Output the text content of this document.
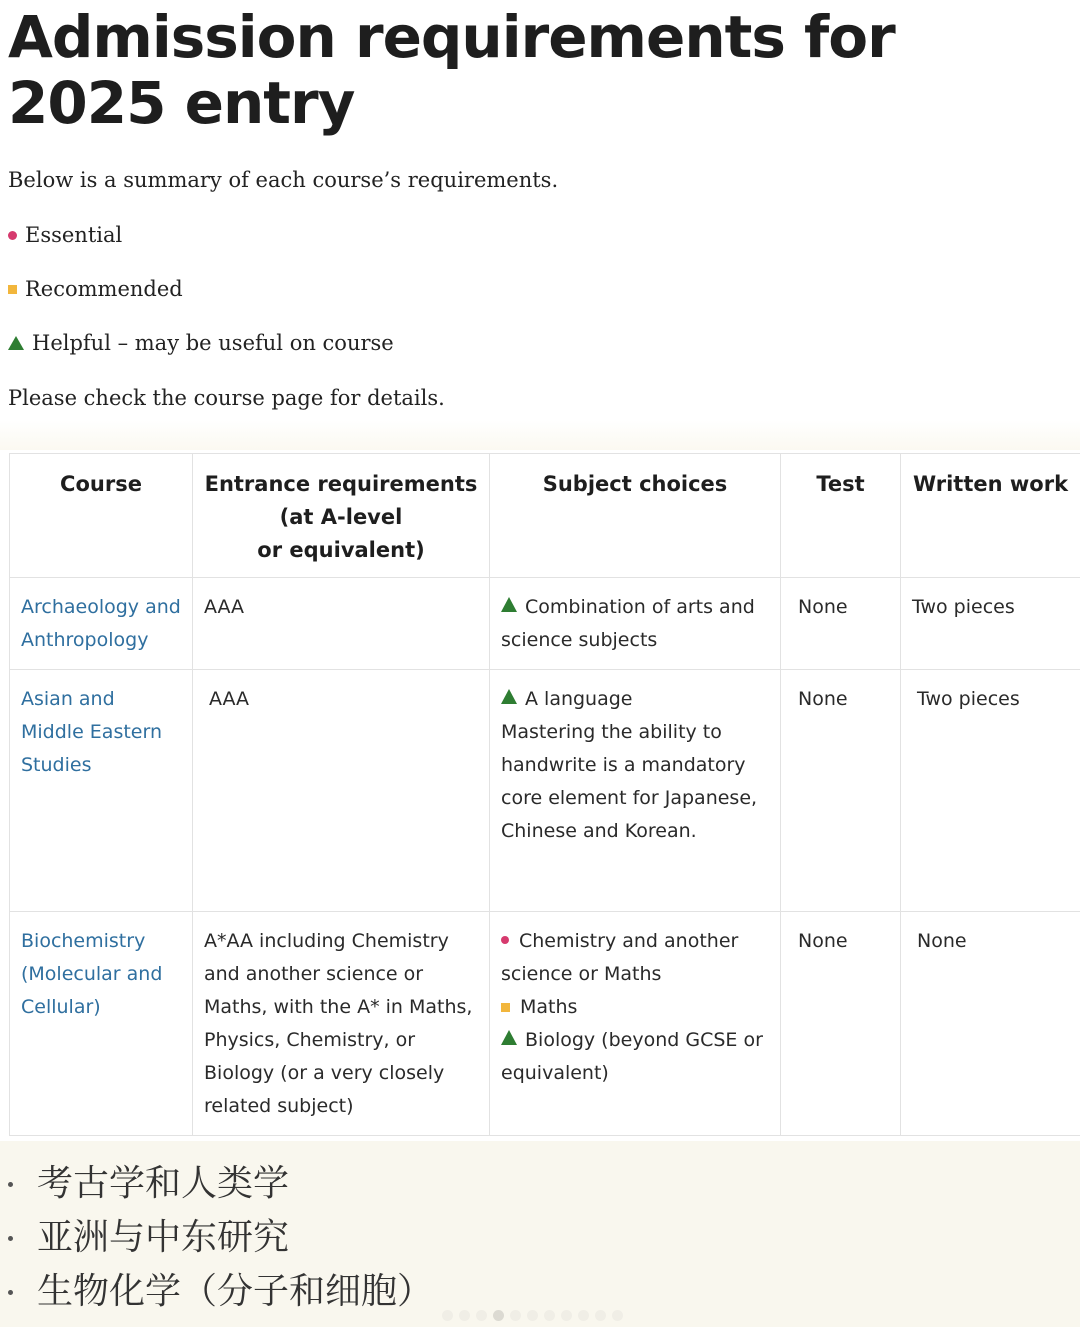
Admission requirements for 2025 entry

Below is a summary of each course’s requirements.

Essential
Recommended
Helpful – may be useful on course

Please check the course page for details.

Course	Entrance requirements
(at A-level
or equivalent)	Subject choices	Test	Written work
Archaeology and Anthropology	AAA	Combination of arts and science subjects	None	Two pieces
Asian and Middle Eastern Studies	AAA	A language
Mastering the ability to handwrite is a mandatory core element for Japanese, Chinese and Korean.	None	Two pieces
Biochemistry (Molecular and Cellular)	A*AA including Chemistry and another science or Maths, with the A* in Maths, Physics, Chemistry, or Biology (or a very closely related subject)	Chemistry and another science or Maths
Maths
Biology (beyond GCSE or equivalent)	None	None
考古学和人类学
亚洲与中东研究
生物化学（分子和细胞）
